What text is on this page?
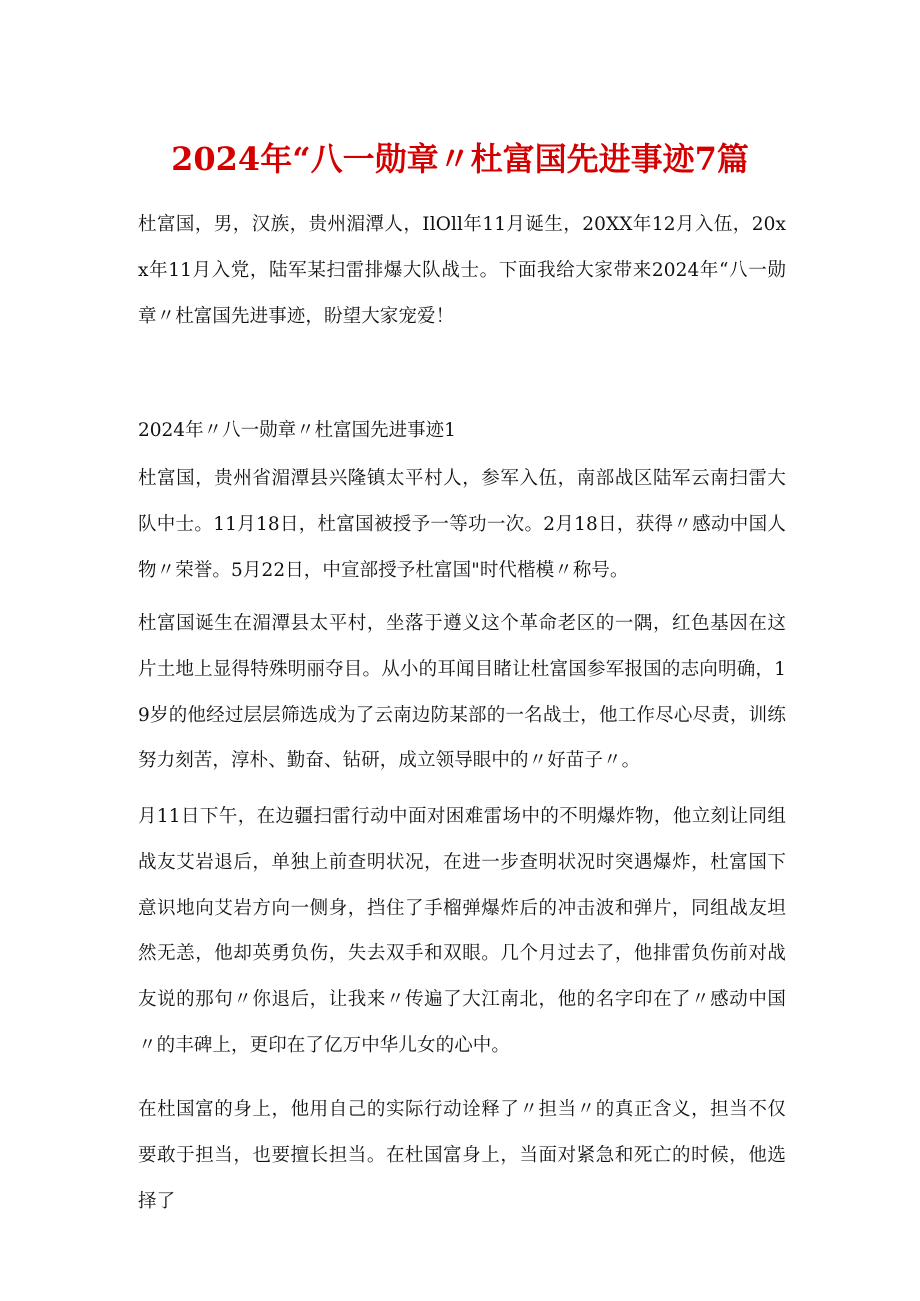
2024年“八一勋章〃杜富国先进事迹7篇

杜富国，男，汉族，贵州湄潭人，IlOll年11月诞生，20XX年12月入伍，20xx年11月入党，陆军某扫雷排爆大队战士。下面我给大家带来2024年“八一勋章〃杜富国先进事迹，盼望大家宠爱！

2024年〃八一勋章〃杜富国先进事迹1

杜富国，贵州省湄潭县兴隆镇太平村人，参军入伍，南部战区陆军云南扫雷大队中士。11月18日，杜富国被授予一等功一次。2月18日，获得〃感动中国人物〃荣誉。5月22日，中宣部授予杜富国"时代楷模〃称号。

杜富国诞生在湄潭县太平村，坐落于遵义这个革命老区的一隅，红色基因在这片土地上显得特殊明丽夺目。从小的耳闻目睹让杜富国参军报国的志向明确，19岁的他经过层层筛选成为了云南边防某部的一名战士，他工作尽心尽责，训练努力刻苦，淳朴、勤奋、钻研，成立领导眼中的〃好苗子〃。

月11日下午，在边疆扫雷行动中面对困难雷场中的不明爆炸物，他立刻让同组战友艾岩退后，单独上前查明状况，在进一步查明状况时突遇爆炸，杜富国下意识地向艾岩方向一侧身，挡住了手榴弹爆炸后的冲击波和弹片，同组战友坦然无恙，他却英勇负伤，失去双手和双眼。几个月过去了，他排雷负伤前对战友说的那句〃你退后，让我来〃传遍了大江南北，他的名字印在了〃感动中国〃的丰碑上，更印在了亿万中华儿女的心中。

在杜国富的身上，他用自己的实际行动诠释了〃担当〃的真正含义，担当不仅要敢于担当，也要擅长担当。在杜国富身上，当面对紧急和死亡的时候，他选择了
